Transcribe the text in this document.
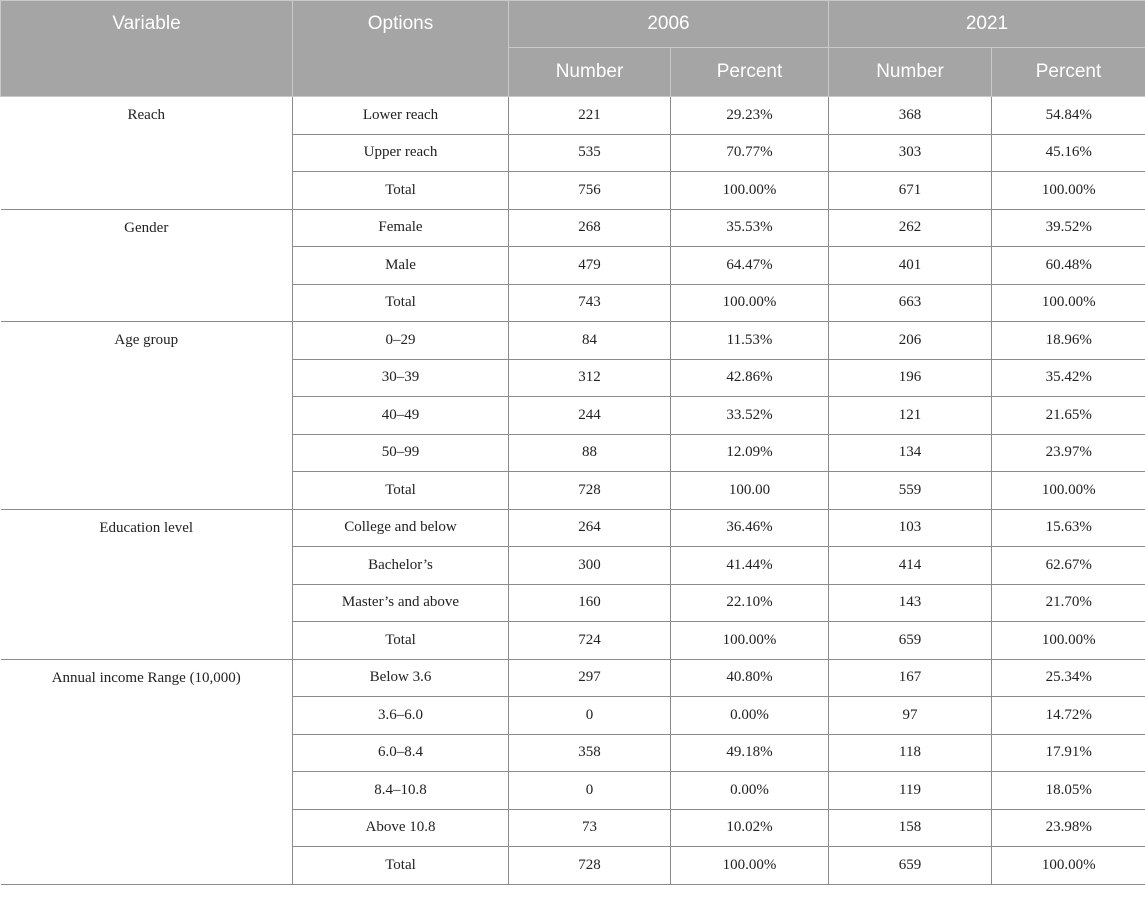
Variable	Options	2006		2021	
		Number	Percent	Number	Percent
Reach	Lower reach	221	29.23%	368	54.84%
	Upper reach	535	70.77%	303	45.16%
	Total	756	100.00%	671	100.00%
Gender	Female	268	35.53%	262	39.52%
	Male	479	64.47%	401	60.48%
	Total	743	100.00%	663	100.00%
Age group	0–29	84	11.53%	206	18.96%
	30–39	312	42.86%	196	35.42%
	40–49	244	33.52%	121	21.65%
	50–99	88	12.09%	134	23.97%
	Total	728	100.00	559	100.00%
Education level	College and below	264	36.46%	103	15.63%
	Bachelor’s	300	41.44%	414	62.67%
	Master’s and above	160	22.10%	143	21.70%
	Total	724	100.00%	659	100.00%
Annual income Range (10,000)	Below 3.6	297	40.80%	167	25.34%
	3.6–6.0	0	0.00%	97	14.72%
	6.0–8.4	358	49.18%	118	17.91%
	8.4–10.8	0	0.00%	119	18.05%
	Above 10.8	73	10.02%	158	23.98%
	Total	728	100.00%	659	100.00%
